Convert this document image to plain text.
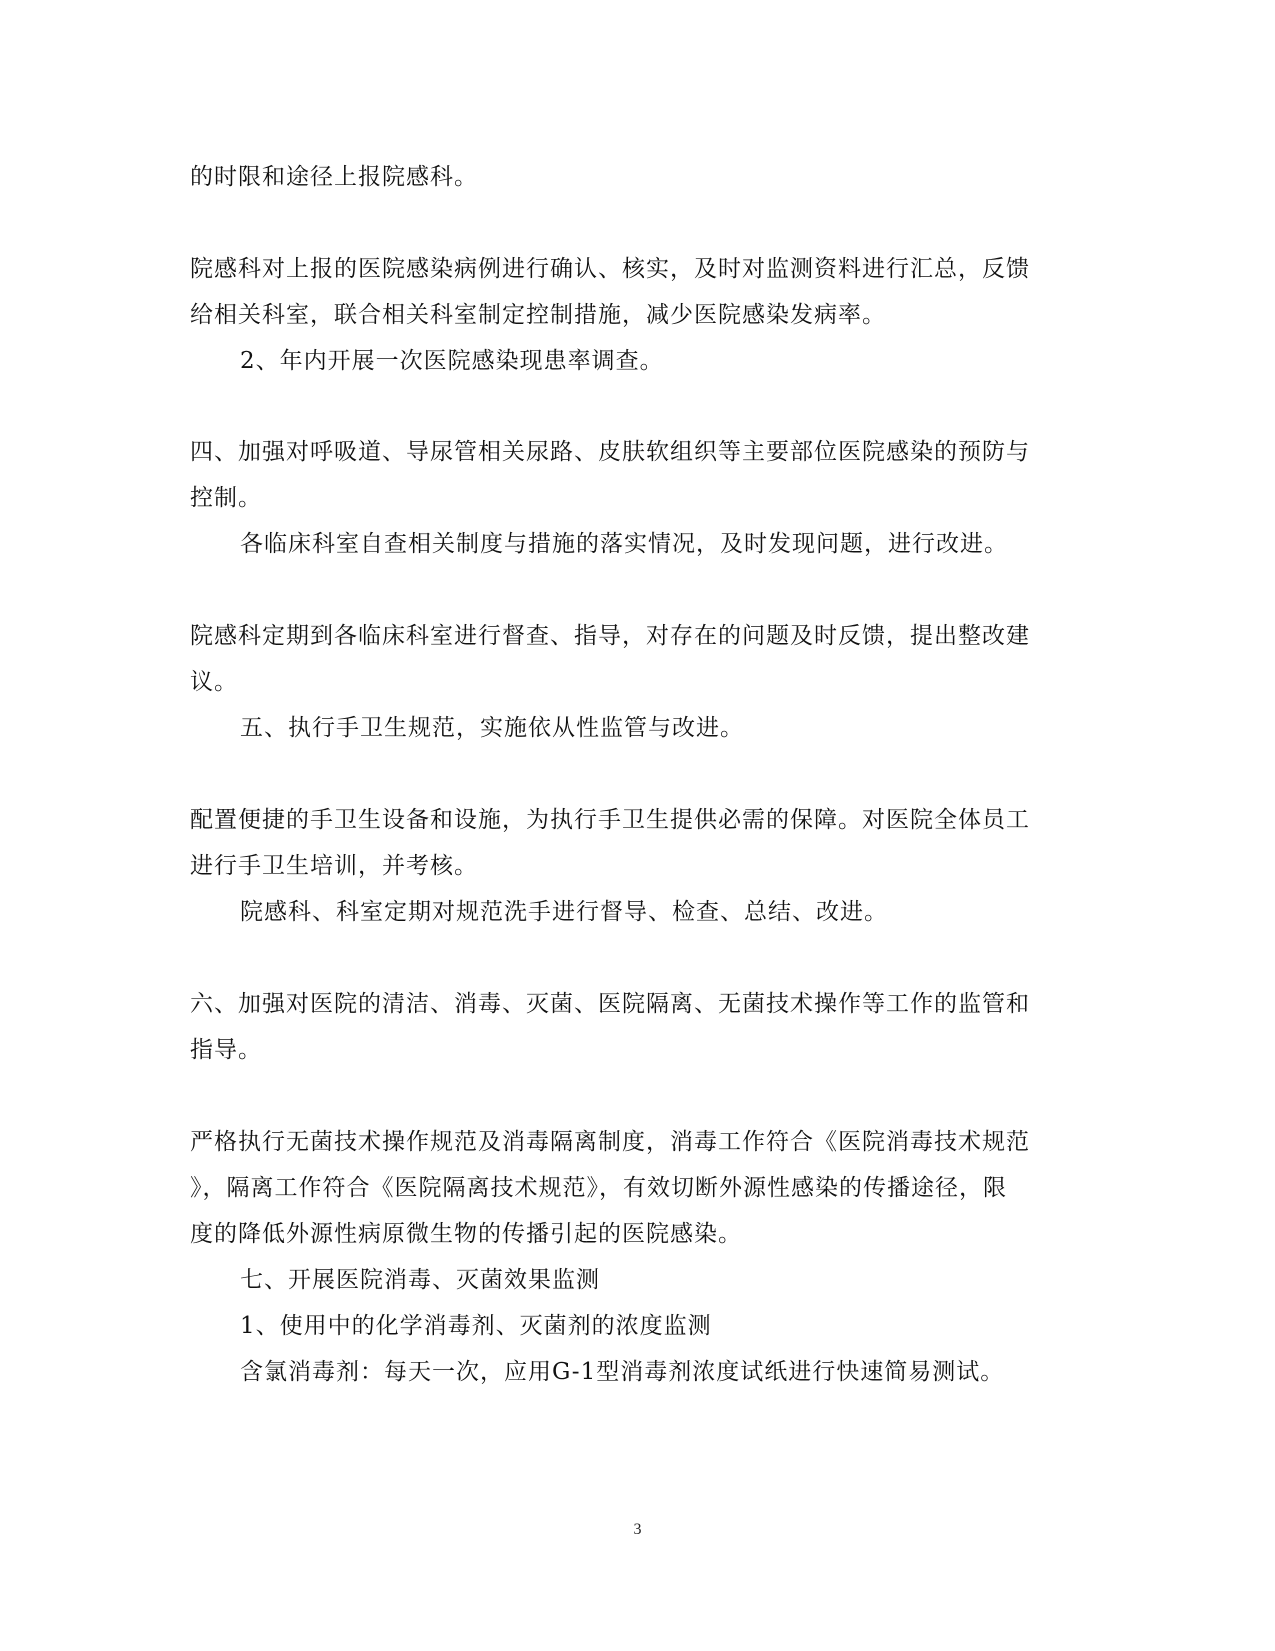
的时限和途径上报院感科。
院感科对上报的医院感染病例进行确认、核实，及时对监测资料进行汇总，反馈
给相关科室，联合相关科室制定控制措施，减少医院感染发病率。
2、年内开展一次医院感染现患率调查。
四、加强对呼吸道、导尿管相关尿路、皮肤软组织等主要部位医院感染的预防与
控制。
各临床科室自查相关制度与措施的落实情况，及时发现问题，进行改进。
院感科定期到各临床科室进行督查、指导，对存在的问题及时反馈，提出整改建
议。
五、执行手卫生规范，实施依从性监管与改进。
配置便捷的手卫生设备和设施，为执行手卫生提供必需的保障。对医院全体员工
进行手卫生培训，并考核。
院感科、科室定期对规范洗手进行督导、检查、总结、改进。
六、加强对医院的清洁、消毒、灭菌、医院隔离、无菌技术操作等工作的监管和
指导。
严格执行无菌技术操作规范及消毒隔离制度，消毒工作符合《医院消毒技术规范
》，隔离工作符合《医院隔离技术规范》，有效切断外源性感染的传播途径，限
度的降低外源性病原微生物的传播引起的医院感染。
七、开展医院消毒、灭菌效果监测
1、使用中的化学消毒剂、灭菌剂的浓度监测
含氯消毒剂：每天一次，应用G-1型消毒剂浓度试纸进行快速简易测试。
3
